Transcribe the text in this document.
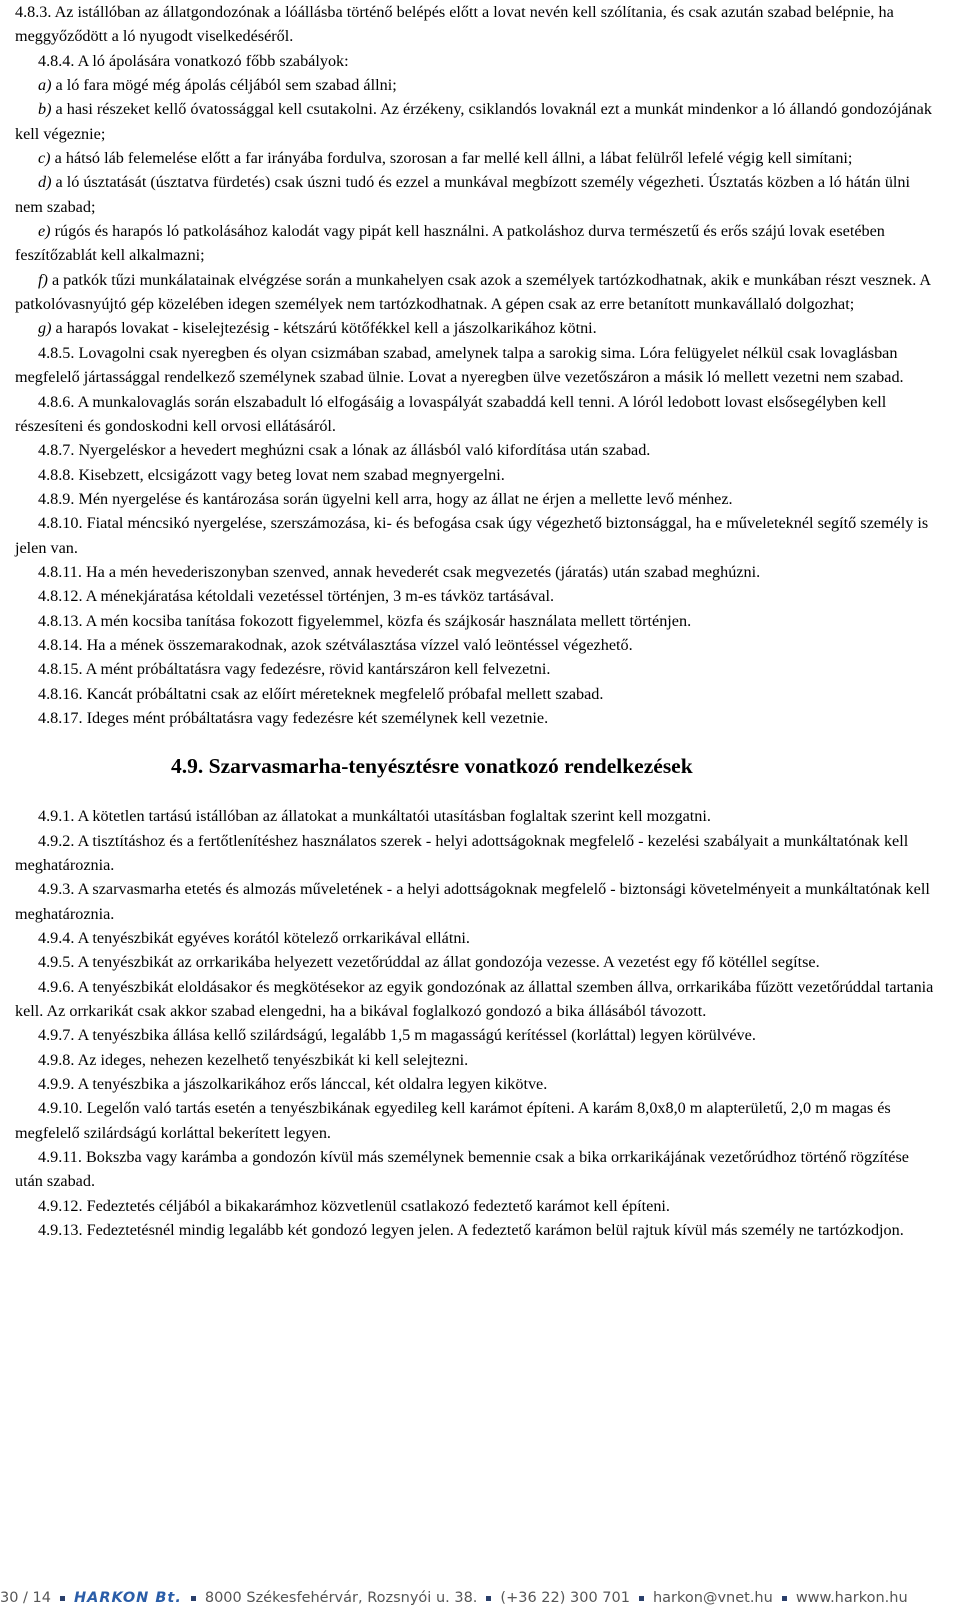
4.8.3. Az istállóban az állatgondozónak a lóállásba történő belépés előtt a lovat nevén kell szólítania, és csak azután szabad belépnie, ha meggyőződött a ló nyugodt viselkedéséről.

4.8.4. A ló ápolására vonatkozó főbb szabályok:

a) a ló fara mögé még ápolás céljából sem szabad állni;

b) a hasi részeket kellő óvatossággal kell csutakolni. Az érzékeny, csiklandós lovaknál ezt a munkát mindenkor a ló állandó gondozójának kell végeznie;

c) a hátsó láb felemelése előtt a far irányába fordulva, szorosan a far mellé kell állni, a lábat felülről lefelé végig kell simítani;

d) a ló úsztatását (úsztatva fürdetés) csak úszni tudó és ezzel a munkával megbízott személy végezheti. Úsztatás közben a ló hátán ülni nem szabad;

e) rúgós és harapós ló patkolásához kalodát vagy pipát kell használni. A patkoláshoz durva természetű és erős szájú lovak esetében feszítőzablát kell alkalmazni;

f) a patkók tűzi munkálatainak elvégzése során a munkahelyen csak azok a személyek tartózkodhatnak, akik e munkában részt vesznek. A patkolóvasnyújtó gép közelében idegen személyek nem tartózkodhatnak. A gépen csak az erre betanított munkavállaló dolgozhat;

g) a harapós lovakat - kiselejtezésig - kétszárú kötőfékkel kell a jászolkarikához kötni.

4.8.5. Lovagolni csak nyeregben és olyan csizmában szabad, amelynek talpa a sarokig sima. Lóra felügyelet nélkül csak lovaglásban megfelelő jártassággal rendelkező személynek szabad ülnie. Lovat a nyeregben ülve vezetőszáron a másik ló mellett vezetni nem szabad.

4.8.6. A munkalovaglás során elszabadult ló elfogásáig a lovaspályát szabaddá kell tenni. A lóról ledobott lovast elsősegélyben kell részesíteni és gondoskodni kell orvosi ellátásáról.

4.8.7. Nyergeléskor a hevedert meghúzni csak a lónak az állásból való kifordítása után szabad.

4.8.8. Kisebzett, elcsigázott vagy beteg lovat nem szabad megnyergelni.

4.8.9. Mén nyergelése és kantározása során ügyelni kell arra, hogy az állat ne érjen a mellette levő ménhez.

4.8.10. Fiatal méncsikó nyergelése, szerszámozása, ki- és befogása csak úgy végezhető biztonsággal, ha e műveleteknél segítő személy is jelen van.

4.8.11. Ha a mén hevederiszonyban szenved, annak hevederét csak megvezetés (járatás) után szabad meghúzni.

4.8.12. A ménekjáratása kétoldali vezetéssel történjen, 3 m-es távköz tartásával.

4.8.13. A mén kocsiba tanítása fokozott figyelemmel, közfa és szájkosár használata mellett történjen.

4.8.14. Ha a mének összemarakodnak, azok szétválasztása vízzel való leöntéssel végezhető.

4.8.15. A mént próbáltatásra vagy fedezésre, rövid kantárszáron kell felvezetni.

4.8.16. Kancát próbáltatni csak az előírt méreteknek megfelelő próbafal mellett szabad.

4.8.17. Ideges mént próbáltatásra vagy fedezésre két személynek kell vezetnie.

4.9. Szarvasmarha-tenyésztésre vonatkozó rendelkezések

4.9.1. A kötetlen tartású istállóban az állatokat a munkáltatói utasításban foglaltak szerint kell mozgatni.

4.9.2. A tisztításhoz és a fertőtlenítéshez használatos szerek - helyi adottságoknak megfelelő - kezelési szabályait a munkáltatónak kell meghatároznia.

4.9.3. A szarvasmarha etetés és almozás műveletének - a helyi adottságoknak megfelelő - biztonsági követelményeit a munkáltatónak kell meghatároznia.

4.9.4. A tenyészbikát egyéves korától kötelező orrkarikával ellátni.

4.9.5. A tenyészbikát az orrkarikába helyezett vezetőrúddal az állat gondozója vezesse. A vezetést egy fő kötéllel segítse.

4.9.6. A tenyészbikát eloldásakor és megkötésekor az egyik gondozónak az állattal szemben állva, orrkarikába fűzött vezetőrúddal tartania kell. Az orrkarikát csak akkor szabad elengedni, ha a bikával foglalkozó gondozó a bika állásából távozott.

4.9.7. A tenyészbika állása kellő szilárdságú, legalább 1,5 m magasságú kerítéssel (korláttal) legyen körülvéve.

4.9.8. Az ideges, nehezen kezelhető tenyészbikát ki kell selejtezni.

4.9.9. A tenyészbika a jászolkarikához erős lánccal, két oldalra legyen kikötve.

4.9.10. Legelőn való tartás esetén a tenyészbikának egyedileg kell karámot építeni. A karám 8,0x8,0 m alapterületű, 2,0 m magas és megfelelő szilárdságú korláttal bekerített legyen.

4.9.11. Bokszba vagy karámba a gondozón kívül más személynek bemennie csak a bika orrkarikájának vezetőrúdhoz történő rögzítése után szabad.

4.9.12. Fedeztetés céljából a bikakarámhoz közvetlenül csatlakozó fedeztető karámot kell építeni.

4.9.13. Fedeztetésnél mindig legalább két gondozó legyen jelen. A fedeztető karámon belül rajtuk kívül más személy ne tartózkodjon.

30 / 14 HARKON Bt. 8000 Székesfehérvár, Rozsnyói u. 38. (+36 22) 300 701 harkon@vnet.hu www.harkon.hu
